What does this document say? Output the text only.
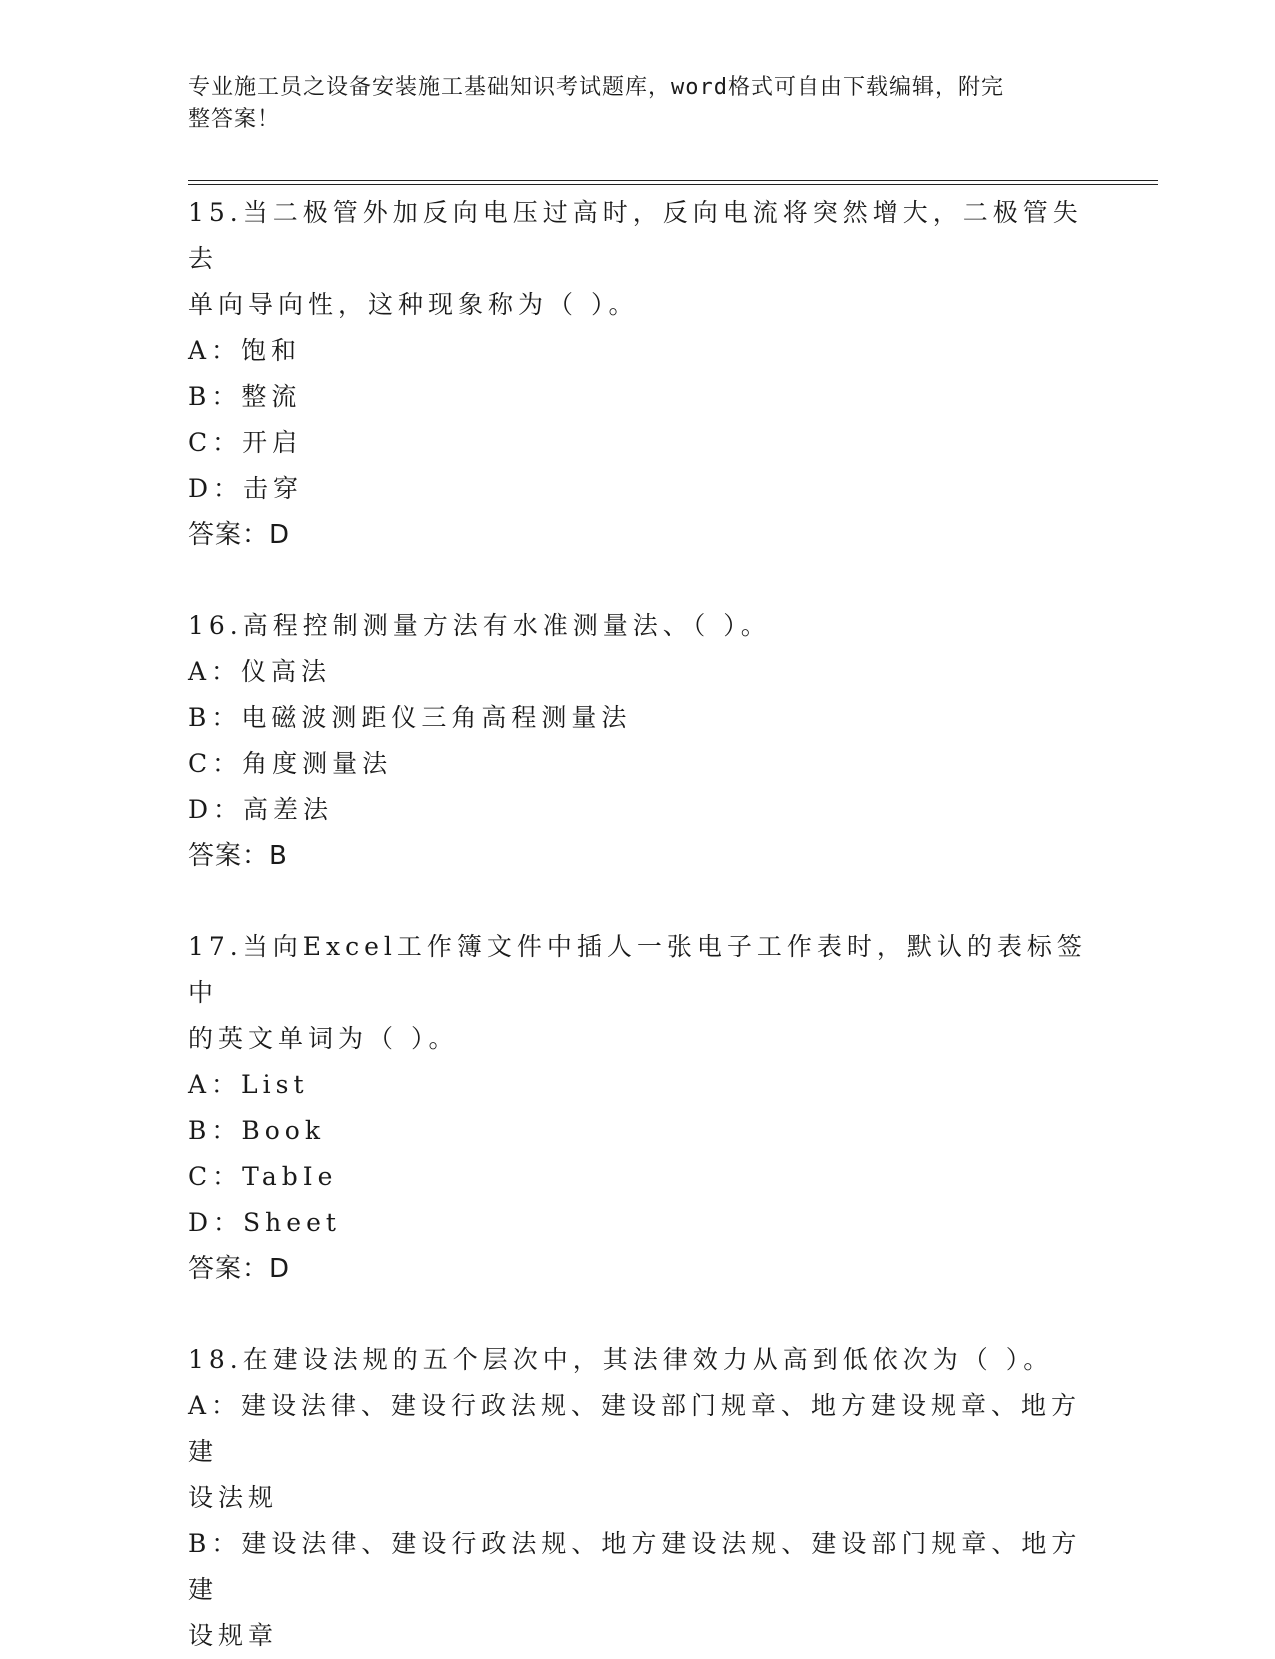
专业施工员之设备安装施工基础知识考试题库，word格式可自由下载编辑，附完
整答案！

15.当二极管外加反向电压过高时，反向电流将突然增大，二极管失去

单向导向性，这种现象称为（ ）。

A：饱和

B：整流

C：开启

D：击穿

答案：D

16.高程控制测量方法有水准测量法、（ ）。

A：仪高法

B：电磁波测距仪三角高程测量法

C：角度测量法

D：高差法

答案：B

17.当向Excel工作簿文件中插人一张电子工作表时，默认的表标签中

的英文单词为（ ）。

A：List

B：Book

C：TabIe

D：Sheet

答案：D

18.在建设法规的五个层次中，其法律效力从高到低依次为（ ）。

A：建设法律、建设行政法规、建设部门规章、地方建设规章、地方建

设法规

B：建设法律、建设行政法规、地方建设法规、建设部门规章、地方建

设规章
